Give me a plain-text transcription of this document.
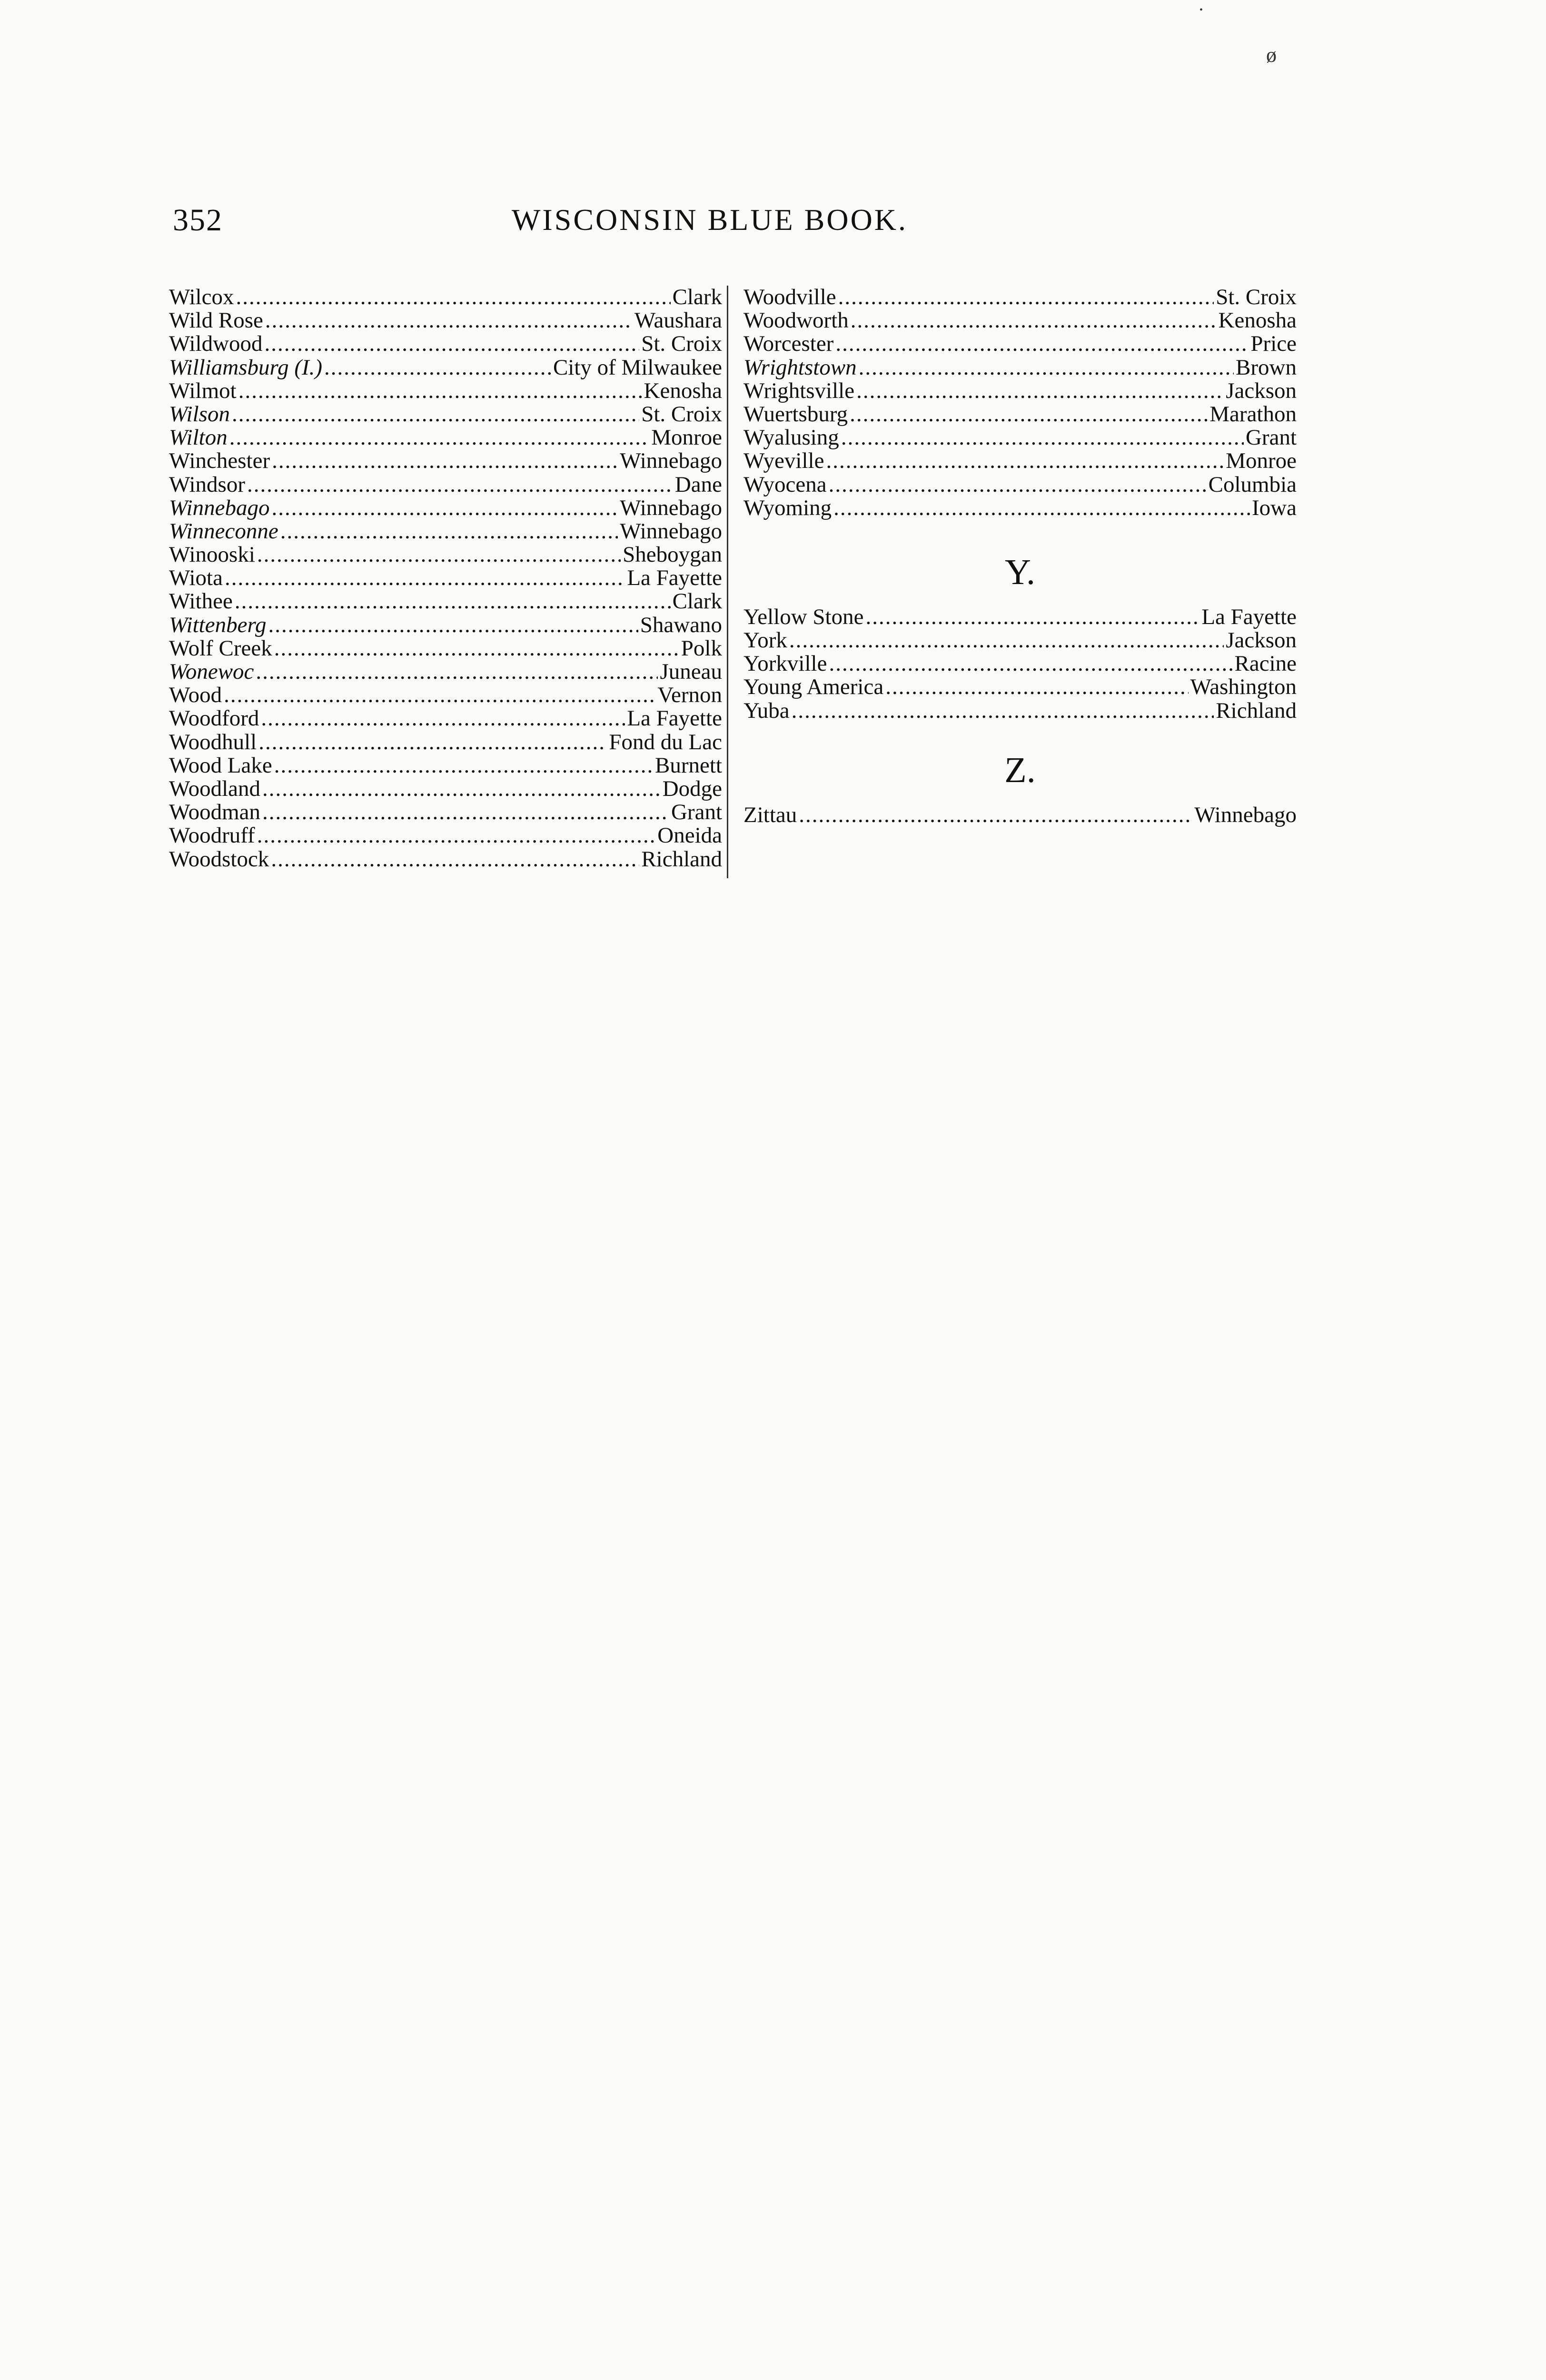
352	WISCONSIN BLUE BOOK.
Wilcox .....	Clark
Wild Rose .....	Waushara
Wildwood .....	St. Croix
Williamsburg (I.) .....	City of Milwaukee
Wilmot .....	Kenosha
Wilson .....	St. Croix
Wilton .....	Monroe
Winchester .....	Winnebago
Windsor .....	Dane
Winnebago .....	Winnebago
Winneconne .....	Winnebago
Winooski .....	Sheboygan
Wiota .....	La Fayette
Withee .....	Clark
Wittenberg .....	Shawano
Wolf Creek .....	Polk
Wonewoc .....	Juneau
Wood .....	Vernon
Woodford .....	La Fayette
Woodhull .....	Fond du Lac
Wood Lake .....	Burnett
Woodland .....	Dodge
Woodman .....	Grant
Woodruff .....	Oneida
Woodstock .....	Richland
Woodville .....	St. Croix
Woodworth .....	Kenosha
Worcester .....	Price
Wrightstown .....	Brown
Wrightsville .....	Jackson
Wuertsburg .....	Marathon
Wyalusing .....	Grant
Wyeville .....	Monroe
Wyocena .....	Columbia
Wyoming .....	Iowa
Y.
Yellow Stone .....	La Fayette
York .....	Jackson
Yorkville .....	Racine
Young America .....	Washington
Yuba .....	Richland
Z.
Zittau .....	Winnebago
ø
•
